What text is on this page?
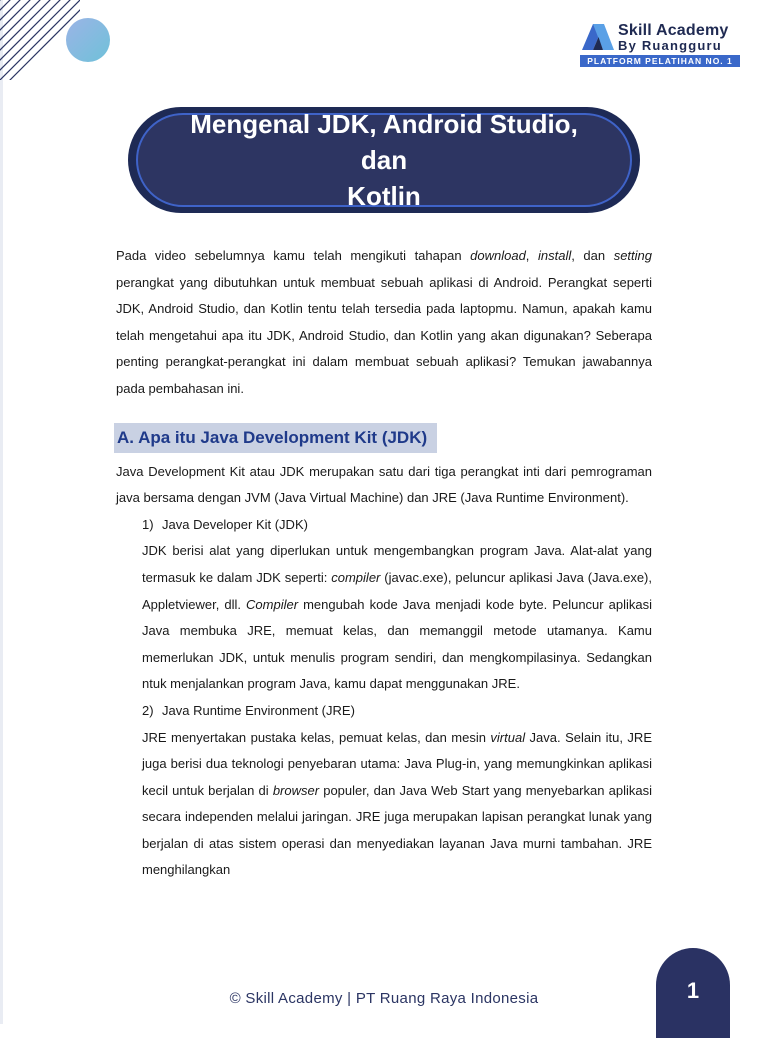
Skill Academy
By Ruangguru
PLATFORM PELATIHAN NO. 1
Mengenal JDK, Android Studio, dan
Kotlin

Pada video sebelumnya kamu telah mengikuti tahapan download, install, dan setting perangkat yang dibutuhkan untuk membuat sebuah aplikasi di Android. Perangkat seperti JDK, Android Studio, dan Kotlin tentu telah tersedia pada laptopmu. Namun, apakah kamu telah mengetahui apa itu JDK, Android Studio, dan Kotlin yang akan digunakan? Seberapa penting perangkat-perangkat ini dalam membuat sebuah aplikasi? Temukan jawabannya pada pembahasan ini.

A. Apa itu Java Development Kit (JDK)

Java Development Kit atau JDK merupakan satu dari tiga perangkat inti dari pemrograman java bersama dengan JVM (Java Virtual Machine) dan JRE (Java Runtime Environment).

1) Java Developer Kit (JDK)

JDK berisi alat yang diperlukan untuk mengembangkan program Java. Alat-alat yang termasuk ke dalam JDK seperti: compiler (javac.exe), peluncur aplikasi Java (Java.exe), Appletviewer, dll. Compiler mengubah kode Java menjadi kode byte. Peluncur aplikasi Java membuka JRE, memuat kelas, dan memanggil metode utamanya. Kamu memerlukan JDK, untuk menulis program sendiri, dan mengkompilasinya. Sedangkan ntuk menjalankan program Java, kamu dapat menggunakan JRE.

2) Java Runtime Environment (JRE)

JRE menyertakan pustaka kelas, pemuat kelas, dan mesin virtual Java. Selain itu, JRE juga berisi dua teknologi penyebaran utama: Java Plug-in, yang memungkinkan aplikasi kecil untuk berjalan di browser populer, dan Java Web Start yang menyebarkan aplikasi secara independen melalui jaringan. JRE juga merupakan lapisan perangkat lunak yang berjalan di atas sistem operasi dan menyediakan layanan Java murni tambahan. JRE menghilangkan

© Skill Academy | PT Ruang Raya Indonesia	1
